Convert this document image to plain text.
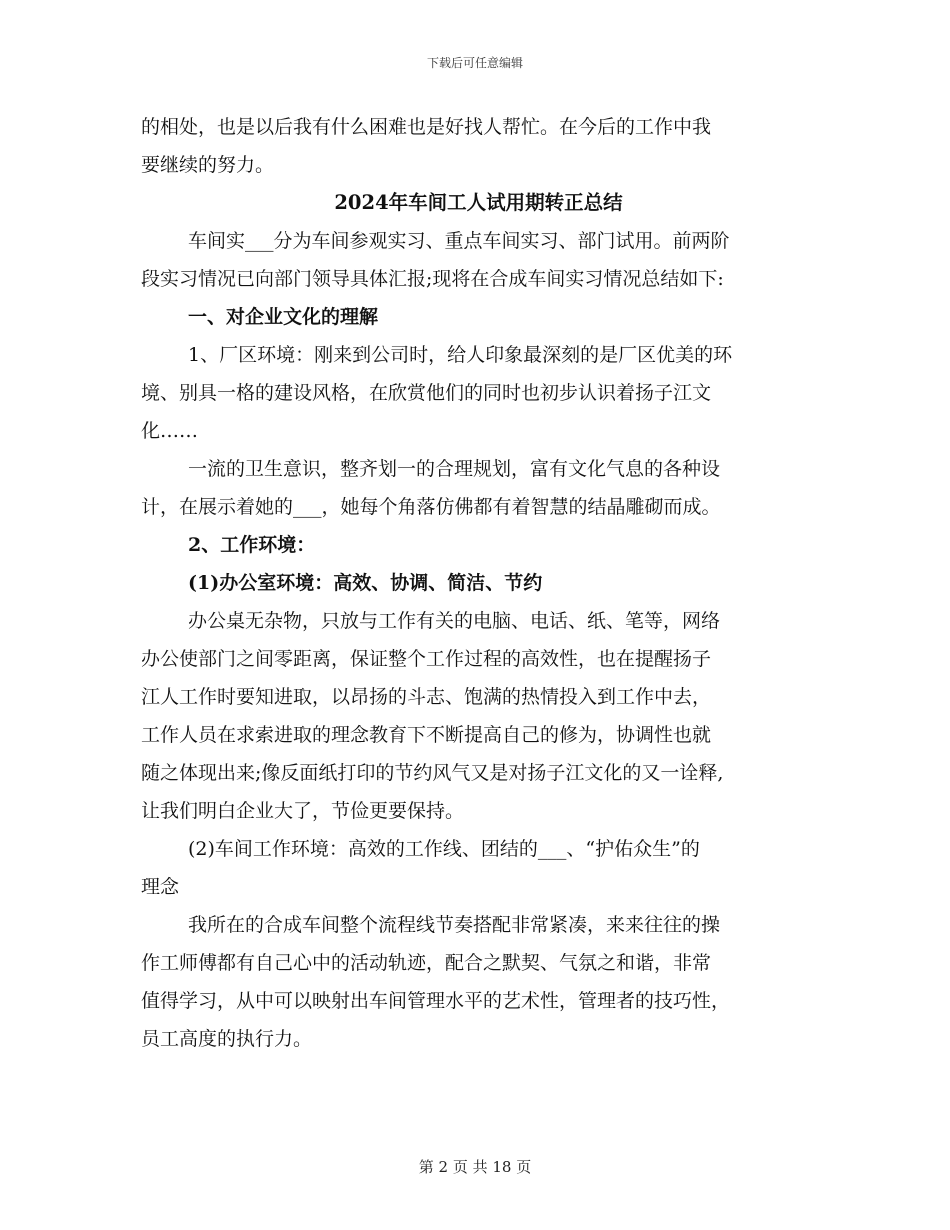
下载后可任意编辑
的相处，也是以后我有什么困难也是好找人帮忙。在今后的工作中我
要继续的努力。
2024年车间工人试用期转正总结
车间实___分为车间参观实习、重点车间实习、部门试用。前两阶
段实习情况已向部门领导具体汇报;现将在合成车间实习情况总结如下:
一、对企业文化的理解
1、厂区环境：刚来到公司时，给人印象最深刻的是厂区优美的环
境、别具一格的建设风格，在欣赏他们的同时也初步认识着扬子江文
化……
一流的卫生意识，整齐划一的合理规划，富有文化气息的各种设
计，在展示着她的___，她每个角落仿佛都有着智慧的结晶雕砌而成。
2、工作环境：
(1)办公室环境：高效、协调、简洁、节约
办公桌无杂物，只放与工作有关的电脑、电话、纸、笔等，网络
办公使部门之间零距离，保证整个工作过程的高效性，也在提醒扬子
江人工作时要知进取，以昂扬的斗志、饱满的热情投入到工作中去，
工作人员在求索进取的理念教育下不断提高自己的修为，协调性也就
随之体现出来;像反面纸打印的节约风气又是对扬子江文化的又一诠释,
让我们明白企业大了，节俭更要保持。
(2)车间工作环境：高效的工作线、团结的___、“护佑众生”的
理念
我所在的合成车间整个流程线节奏搭配非常紧凑，来来往往的操
作工师傅都有自己心中的活动轨迹，配合之默契、气氛之和谐，非常
值得学习，从中可以映射出车间管理水平的艺术性，管理者的技巧性，
员工高度的执行力。
第 2 页 共 18 页
